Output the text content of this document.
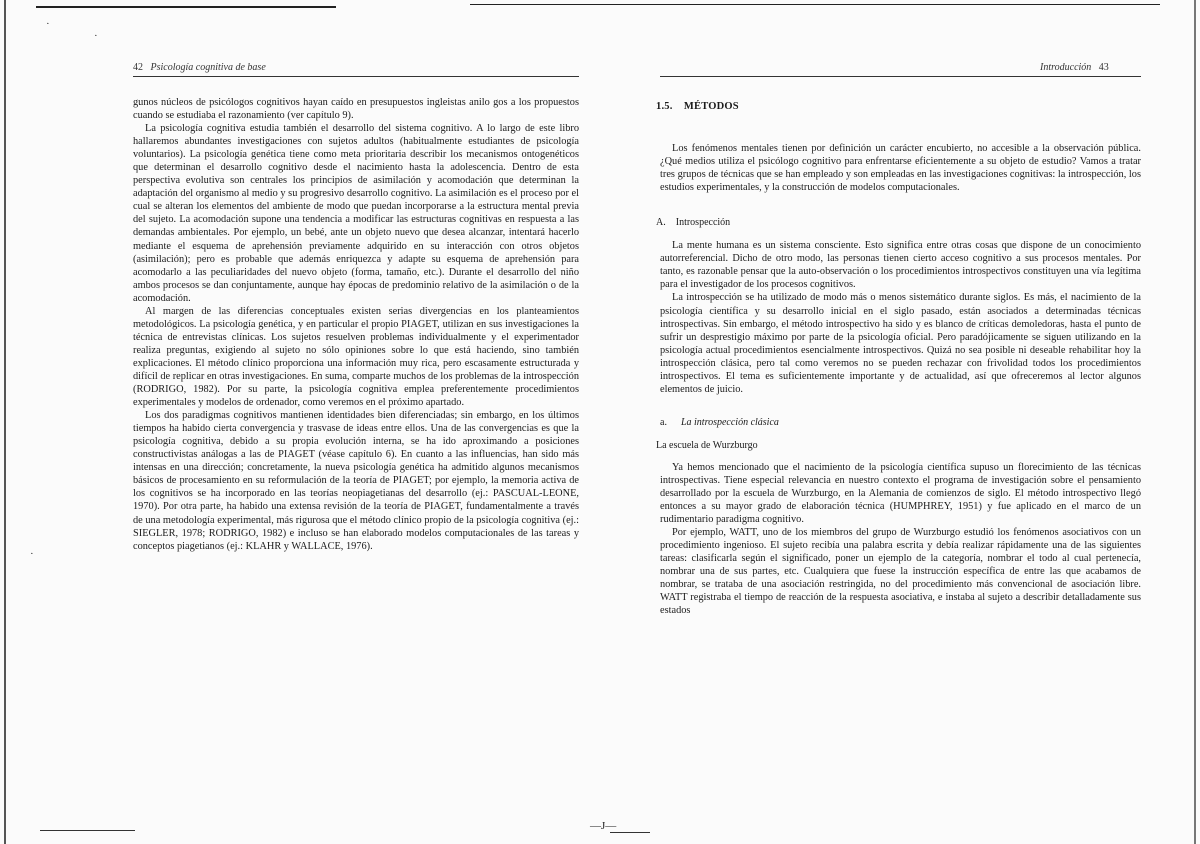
·
·
·
42 Psicología cognitiva de base

gunos núcleos de psicólogos cognitivos hayan caído en presupuestos ingleistas anilo gos a los propuestos cuando se estudiaba el razonamiento (ver capítulo 9).

La psicología cognitiva estudia también el desarrollo del sistema cognitivo. A lo largo de este libro hallaremos abundantes investigaciones con sujetos adultos (habitualmente estudiantes de psicología voluntarios). La psicología genética tiene como meta prioritaria describir los mecanismos ontogenéticos que determinan el desarrollo cognitivo desde el nacimiento hasta la adolescencia. Dentro de esta perspectiva evolutiva son centrales los principios de asimilación y acomodación que determinan la adaptación del organismo al medio y su progresivo desarrollo cognitivo. La asimilación es el proceso por el cual se alteran los elementos del ambiente de modo que puedan incorporarse a la estructura mental previa del sujeto. La acomodación supone una tendencia a modificar las estructuras cognitivas en respuesta a las demandas ambientales. Por ejemplo, un bebé, ante un objeto nuevo que desea alcanzar, intentará hacerlo mediante el esquema de aprehensión previamente adquirido en su interacción con otros objetos (asimilación); pero es probable que además enriquezca y adapte su esquema de aprehensión para acomodarlo a las peculiaridades del nuevo objeto (forma, tamaño, etc.). Durante el desarrollo del niño ambos procesos se dan conjuntamente, aunque hay épocas de predominio relativo de la asimilación o de la acomodación.

Al margen de las diferencias conceptuales existen serias divergencias en los planteamientos metodológicos. La psicología genética, y en particular el propio PIAGET, utilizan en sus investigaciones la técnica de entrevistas clínicas. Los sujetos resuelven problemas individualmente y el experimentador realiza preguntas, exigiendo al sujeto no sólo opiniones sobre lo que está haciendo, sino también explicaciones. El método clínico proporciona una información muy rica, pero escasamente estructurada y difícil de replicar en otras investigaciones. En suma, comparte muchos de los problemas de la introspección (RODRIGO, 1982). Por su parte, la psicología cognitiva emplea preferentemente procedimientos experimentales y modelos de ordenador, como veremos en el próximo apartado.

Los dos paradigmas cognitivos mantienen identidades bien diferenciadas; sin embargo, en los últimos tiempos ha habido cierta convergencia y trasvase de ideas entre ellos. Una de las convergencias es que la psicología cognitiva, debido a su propia evolución interna, se ha ido aproximando a posiciones constructivistas análogas a las de PIAGET (véase capítulo 6). En cuanto a las influencias, han sido más intensas en una dirección; concretamente, la nueva psicología genética ha admitido algunos mecanismos básicos de procesamiento en su reformulación de la teoría de PIAGET; por ejemplo, la memoria activa de los cognitivos se ha incorporado en las teorías neopiagetianas del desarrollo (ej.: PASCUAL-LEONE, 1970). Por otra parte, ha habido una extensa revisión de la teoría de PIAGET, fundamentalmente a través de una metodología experimental, más rigurosa que el método clínico propio de la psicología cognitiva (ej.: SIEGLER, 1978; RODRIGO, 1982) e incluso se han elaborado modelos computacionales de las tareas y conceptos piagetianos (ej.: KLAHR y WALLACE, 1976).

Introducción 43
1.5. MÉTODOS

Los fenómenos mentales tienen por definición un carácter encubierto, no accesible a la observación pública. ¿Qué medios utiliza el psicólogo cognitivo para enfrentarse eficientemente a su objeto de estudio? Vamos a tratar tres grupos de técnicas que se han empleado y son empleadas en las investigaciones cognitivas: la introspección, los estudios experimentales, y la construcción de modelos computacionales.

A. Introspección

La mente humana es un sistema consciente. Esto significa entre otras cosas que dispone de un conocimiento autorreferencial. Dicho de otro modo, las personas tienen cierto acceso cognitivo a sus procesos mentales. Por tanto, es razonable pensar que la auto-observación o los procedimientos introspectivos constituyen una vía legítima para el investigador de los procesos cognitivos.

La introspección se ha utilizado de modo más o menos sistemático durante siglos. Es más, el nacimiento de la psicología científica y su desarrollo inicial en el siglo pasado, están asociados a determinadas técnicas introspectivas. Sin embargo, el método introspectivo ha sido y es blanco de críticas demoledoras, hasta el punto de sufrir un desprestigio máximo por parte de la psicología oficial. Pero paradójicamente se siguen utilizando en la psicología actual procedimientos esencialmente introspectivos. Quizá no sea posible ni deseable rehabilitar hoy la introspección clásica, pero tal como veremos no se pueden rechazar con frivolidad todos los procedimientos introspectivos. El tema es suficientemente importante y de actualidad, así que ofreceremos al lector algunos elementos de juicio.

a. La introspección clásica
La escuela de Wurzburgo

Ya hemos mencionado que el nacimiento de la psicología científica supuso un florecimiento de las técnicas introspectivas. Tiene especial relevancia en nuestro contexto el programa de investigación sobre el pensamiento desarrollado por la escuela de Wurzburgo, en la Alemania de comienzos de siglo. El método introspectivo llegó entonces a su mayor grado de elaboración técnica (HUMPHREY, 1951) y fue aplicado en el marco de un rudimentario paradigma cognitivo.

Por ejemplo, WATT, uno de los miembros del grupo de Wurzburgo estudió los fenómenos asociativos con un procedimiento ingenioso. El sujeto recibía una palabra escrita y debía realizar rápidamente una de las siguientes tareas: clasificarla según el significado, poner un ejemplo de la categoría, nombrar el todo al cual pertenecía, nombrar una de sus partes, etc. Cualquiera que fuese la instrucción específica de entre las que acabamos de nombrar, se trataba de una asociación restringida, no del procedimiento más convencional de asociación libre. WATT registraba el tiempo de reacción de la respuesta asociativa, e instaba al sujeto a describir detalladamente sus estados

—J—
